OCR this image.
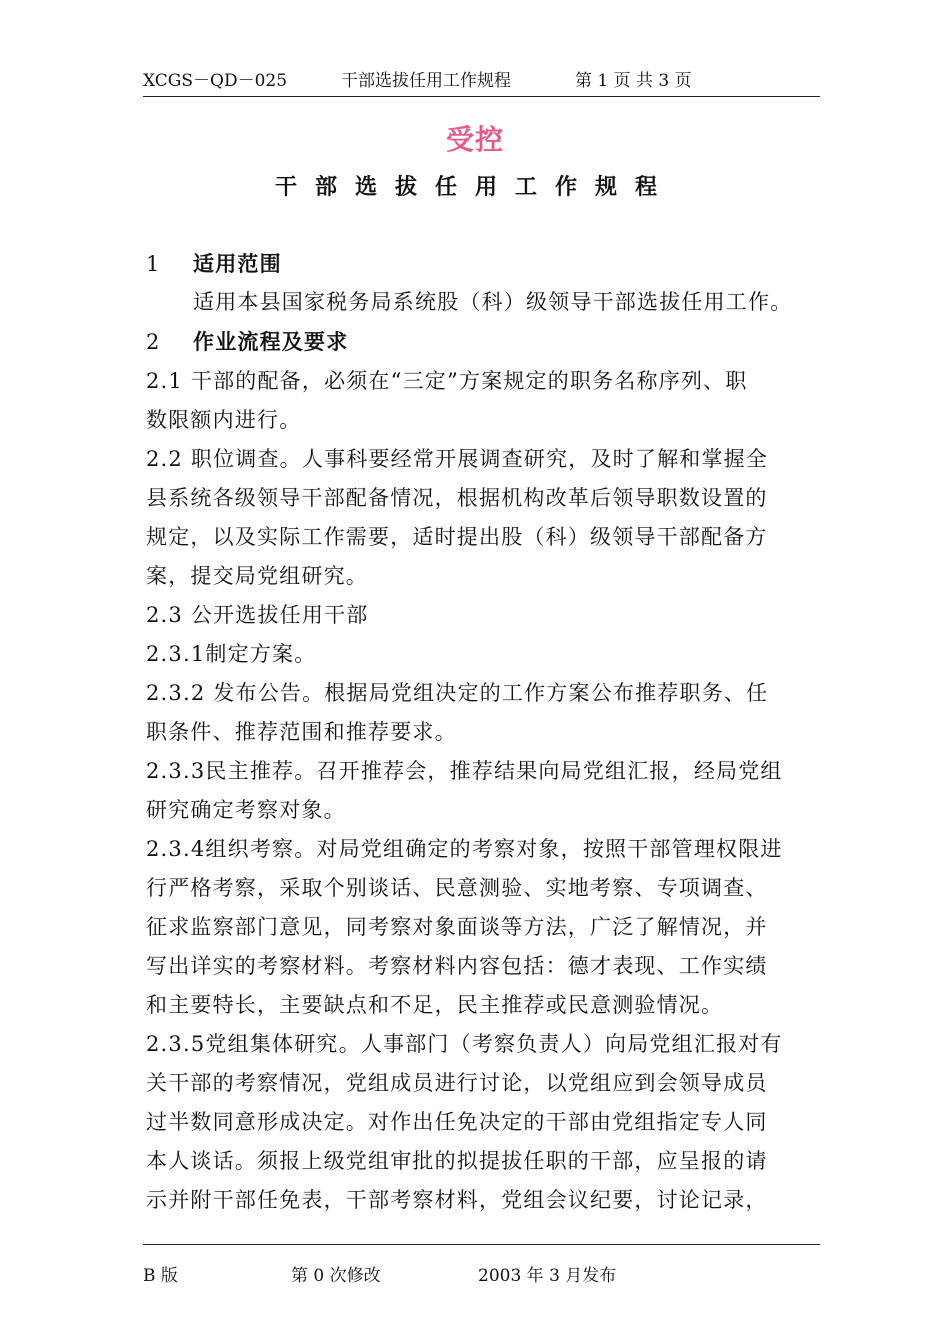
XCGS－QD－025	干部选拔任用工作规程	第 1 页 共 3 页
受控
干部选拔任用工作规程
1 适用范围
适用本县国家税务局系统股（科）级领导干部选拔任用工作。
2 作业流程及要求
2.1 干部的配备，必须在“三定”方案规定的职务名称序列、职
数限额内进行。
2.2 职位调查。人事科要经常开展调查研究，及时了解和掌握全
县系统各级领导干部配备情况，根据机构改革后领导职数设置的
规定，以及实际工作需要，适时提出股（科）级领导干部配备方
案，提交局党组研究。
2.3 公开选拔任用干部
2.3.1制定方案。
2.3.2 发布公告。根据局党组决定的工作方案公布推荐职务、任
职条件、推荐范围和推荐要求。
2.3.3民主推荐。召开推荐会，推荐结果向局党组汇报，经局党组
研究确定考察对象。
2.3.4组织考察。对局党组确定的考察对象，按照干部管理权限进
行严格考察，采取个别谈话、民意测验、实地考察、专项调查、
征求监察部门意见，同考察对象面谈等方法，广泛了解情况，并
写出详实的考察材料。考察材料内容包括：德才表现、工作实绩
和主要特长，主要缺点和不足，民主推荐或民意测验情况。
2.3.5党组集体研究。人事部门（考察负责人）向局党组汇报对有
关干部的考察情况，党组成员进行讨论，以党组应到会领导成员
过半数同意形成决定。对作出任免决定的干部由党组指定专人同
本人谈话。须报上级党组审批的拟提拔任职的干部，应呈报的请
示并附干部任免表，干部考察材料，党组会议纪要，讨论记录，
B 版	第 0 次修改	2003 年 3 月发布
